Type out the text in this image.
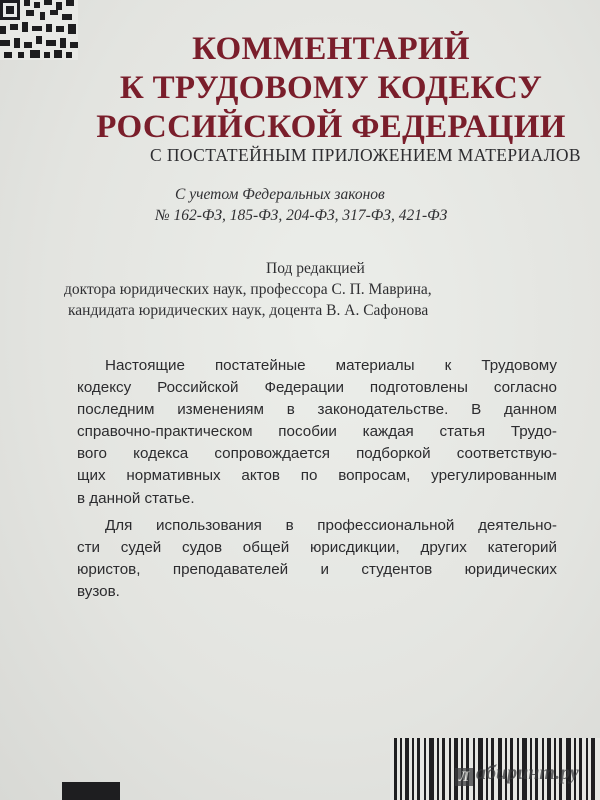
КОММЕНТАРИЙ
К ТРУДОВОМУ КОДЕКСУ
РОССИЙСКОЙ ФЕДЕРАЦИИ
С ПОСТАТЕЙНЫМ ПРИЛОЖЕНИЕМ МАТЕРИАЛОВ
С учетом Федеральных законов
№ 162-ФЗ, 185-ФЗ, 204-ФЗ, 317-ФЗ, 421-ФЗ
Под редакцией
доктора юридических наук, профессора С. П. Маврина,
кандидата юридических наук, доцента В. А. Сафонова
Настоящие постатейные материалы к Трудовому
кодексу Российской Федерации подготовлены согласно
последним изменениям в законодательстве. В данном
справочно-практическом пособии каждая статья Трудо-
вого кодекса сопровождается подборкой соответствую-
щих нормативных актов по вопросам, урегулированным
в данной статье.
Для использования в профессиональной деятельно-
сти судей судов общей юрисдикции, других категорий
юристов, преподавателей и студентов юридических
вузов.
Л абиринт.ру
